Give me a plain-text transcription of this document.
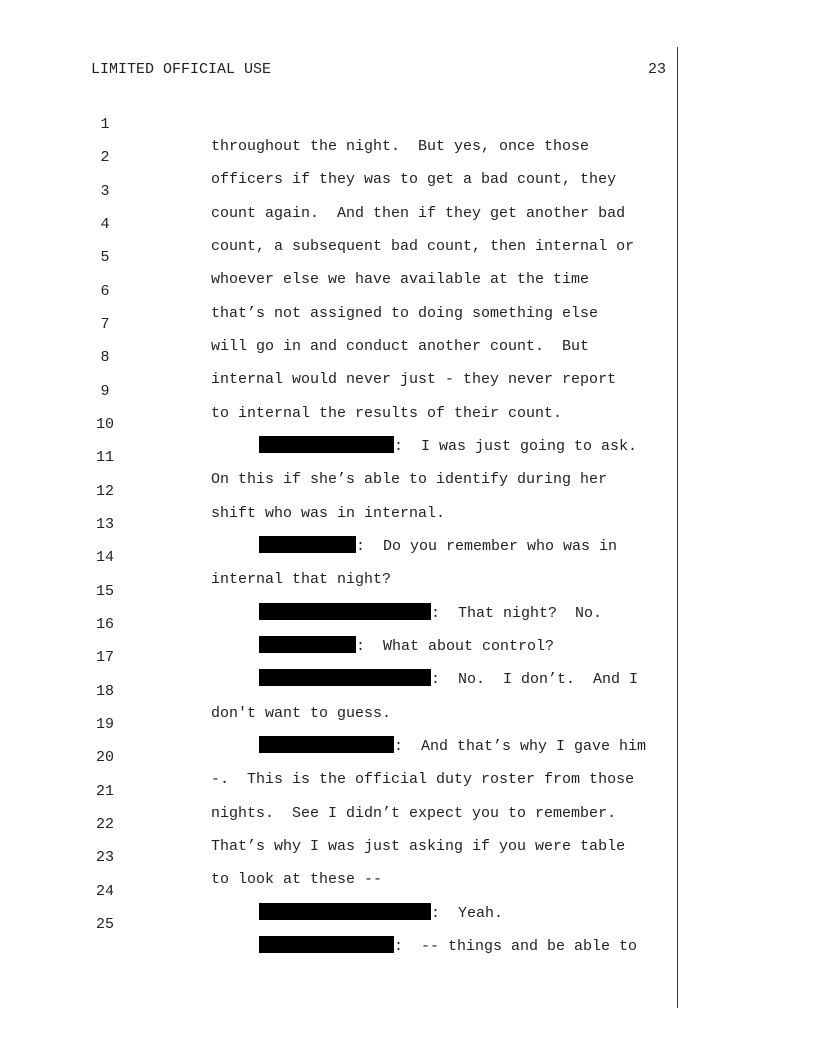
LIMITED OFFICIAL USE	23

1

throughout the night.  But yes, once those

2

officers if they was to get a bad count, they

3

count again.  And then if they get another bad

4

count, a subsequent bad count, then internal or

5

whoever else we have available at the time

6

that’s not assigned to doing something else

7

will go in and conduct another count.  But

8

internal would never just - they never report

9

to internal the results of their count.

10

:  I was just going to ask.

11

On this if she’s able to identify during her

12

shift who was in internal.

13

:  Do you remember who was in

14

internal that night?

15

:  That night?  No.

16

:  What about control?

17

:  No.  I don’t.  And I

18

don't want to guess.

19

:  And that’s why I gave him

20

-.  This is the official duty roster from those

21

nights.  See I didn’t expect you to remember.

22

That’s why I was just asking if you were table

23

to look at these --

24

:  Yeah.

25

:  -- things and be able to
